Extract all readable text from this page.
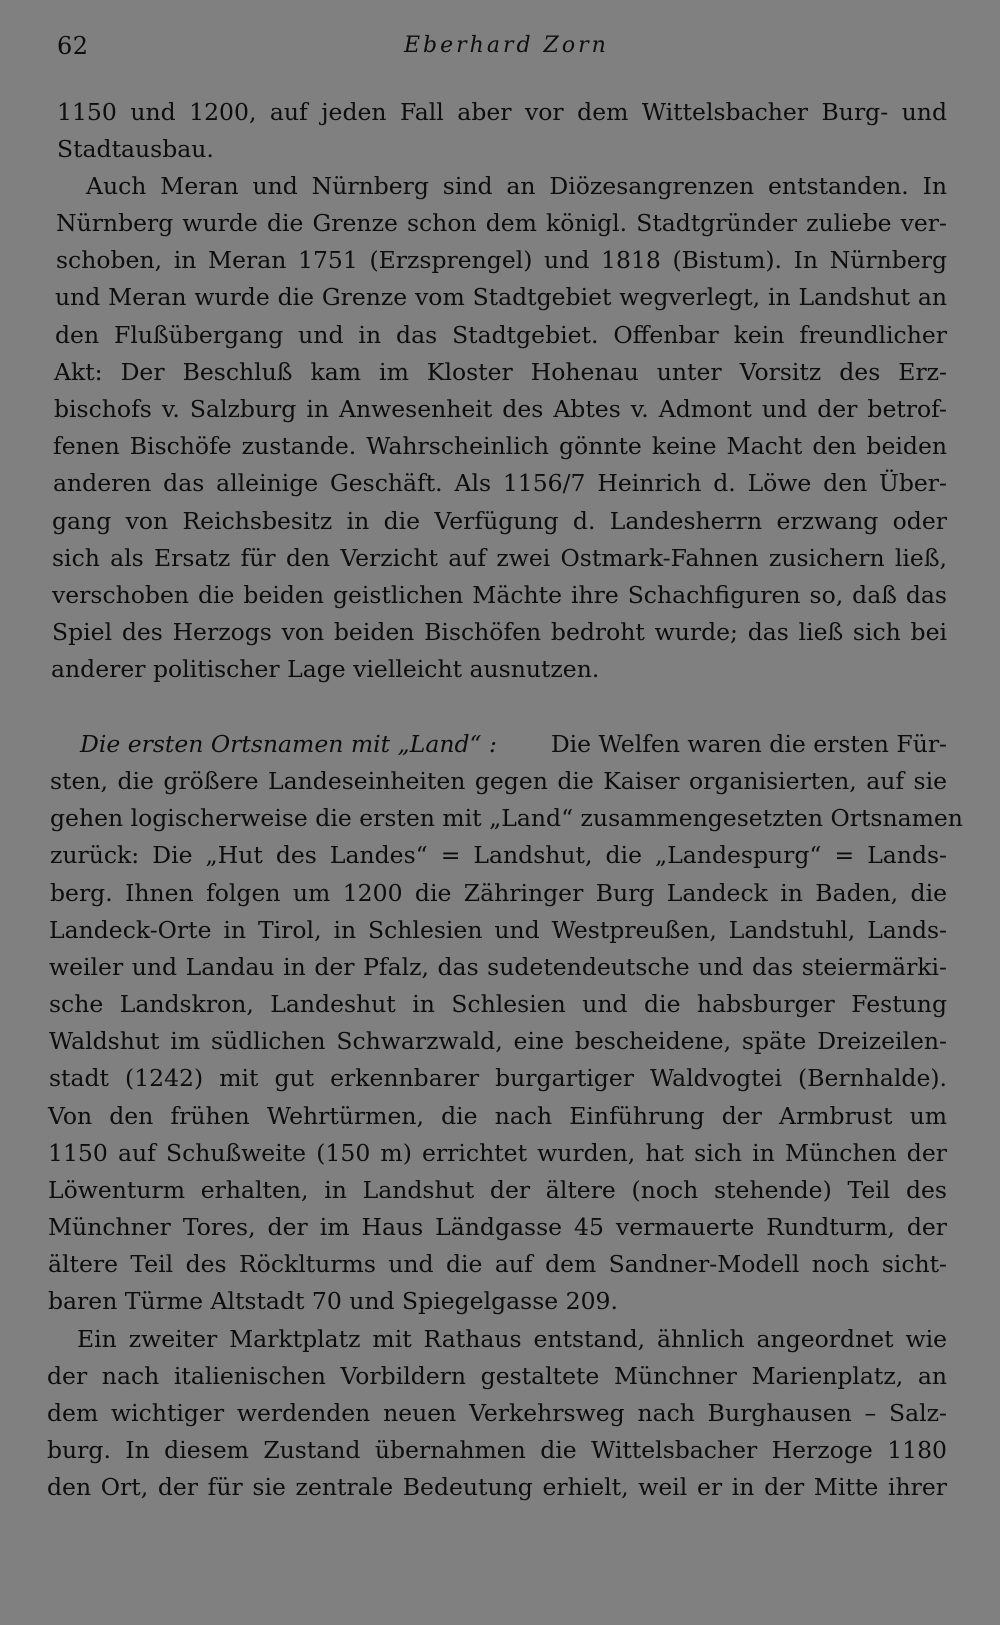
62	Eberhard Zorn
1150 und 1200, auf jeden Fall aber vor dem Wittelsbacher Burg- und
Stadtausbau.
Auch Meran und Nürnberg sind an Diözesangrenzen entstanden. In
Nürnberg wurde die Grenze schon dem königl. Stadtgründer zuliebe ver-
schoben, in Meran 1751 (Erzsprengel) und 1818 (Bistum). In Nürnberg
und Meran wurde die Grenze vom Stadtgebiet wegverlegt, in Landshut an
den Flußübergang und in das Stadtgebiet. Offenbar kein freundlicher
Akt: Der Beschluß kam im Kloster Hohenau unter Vorsitz des Erz-
bischofs v. Salzburg in Anwesenheit des Abtes v. Admont und der betrof-
fenen Bischöfe zustande. Wahrscheinlich gönnte keine Macht den beiden
anderen das alleinige Geschäft. Als 1156/7 Heinrich d. Löwe den Über-
gang von Reichsbesitz in die Verfügung d. Landesherrn erzwang oder
sich als Ersatz für den Verzicht auf zwei Ostmark-Fahnen zusichern ließ,
verschoben die beiden geistlichen Mächte ihre Schachfiguren so, daß das
Spiel des Herzogs von beiden Bischöfen bedroht wurde; das ließ sich bei
anderer politischer Lage vielleicht ausnutzen.
Die ersten Ortsnamen mit „Land“ : Die Welfen waren die ersten Für-
sten, die größere Landeseinheiten gegen die Kaiser organisierten, auf sie
gehen logischerweise die ersten mit „Land“ zusammengesetzten Ortsnamen
zurück: Die „Hut des Landes“ = Landshut, die „Landespurg“ = Lands-
berg. Ihnen folgen um 1200 die Zähringer Burg Landeck in Baden, die
Landeck-Orte in Tirol, in Schlesien und Westpreußen, Landstuhl, Lands-
weiler und Landau in der Pfalz, das sudetendeutsche und das steiermärki-
sche Landskron, Landeshut in Schlesien und die habsburger Festung
Waldshut im südlichen Schwarzwald, eine bescheidene, späte Dreizeilen-
stadt (1242) mit gut erkennbarer burgartiger Waldvogtei (Bernhalde).
Von den frühen Wehrtürmen, die nach Einführung der Armbrust um
1150 auf Schußweite (150 m) errichtet wurden, hat sich in München der
Löwenturm erhalten, in Landshut der ältere (noch stehende) Teil des
Münchner Tores, der im Haus Ländgasse 45 vermauerte Rundturm, der
ältere Teil des Röcklturms und die auf dem Sandner-Modell noch sicht-
baren Türme Altstadt 70 und Spiegelgasse 209.
Ein zweiter Marktplatz mit Rathaus entstand, ähnlich angeordnet wie
der nach italienischen Vorbildern gestaltete Münchner Marienplatz, an
dem wichtiger werdenden neuen Verkehrsweg nach Burghausen – Salz-
burg. In diesem Zustand übernahmen die Wittelsbacher Herzoge 1180
den Ort, der für sie zentrale Bedeutung erhielt, weil er in der Mitte ihrer
